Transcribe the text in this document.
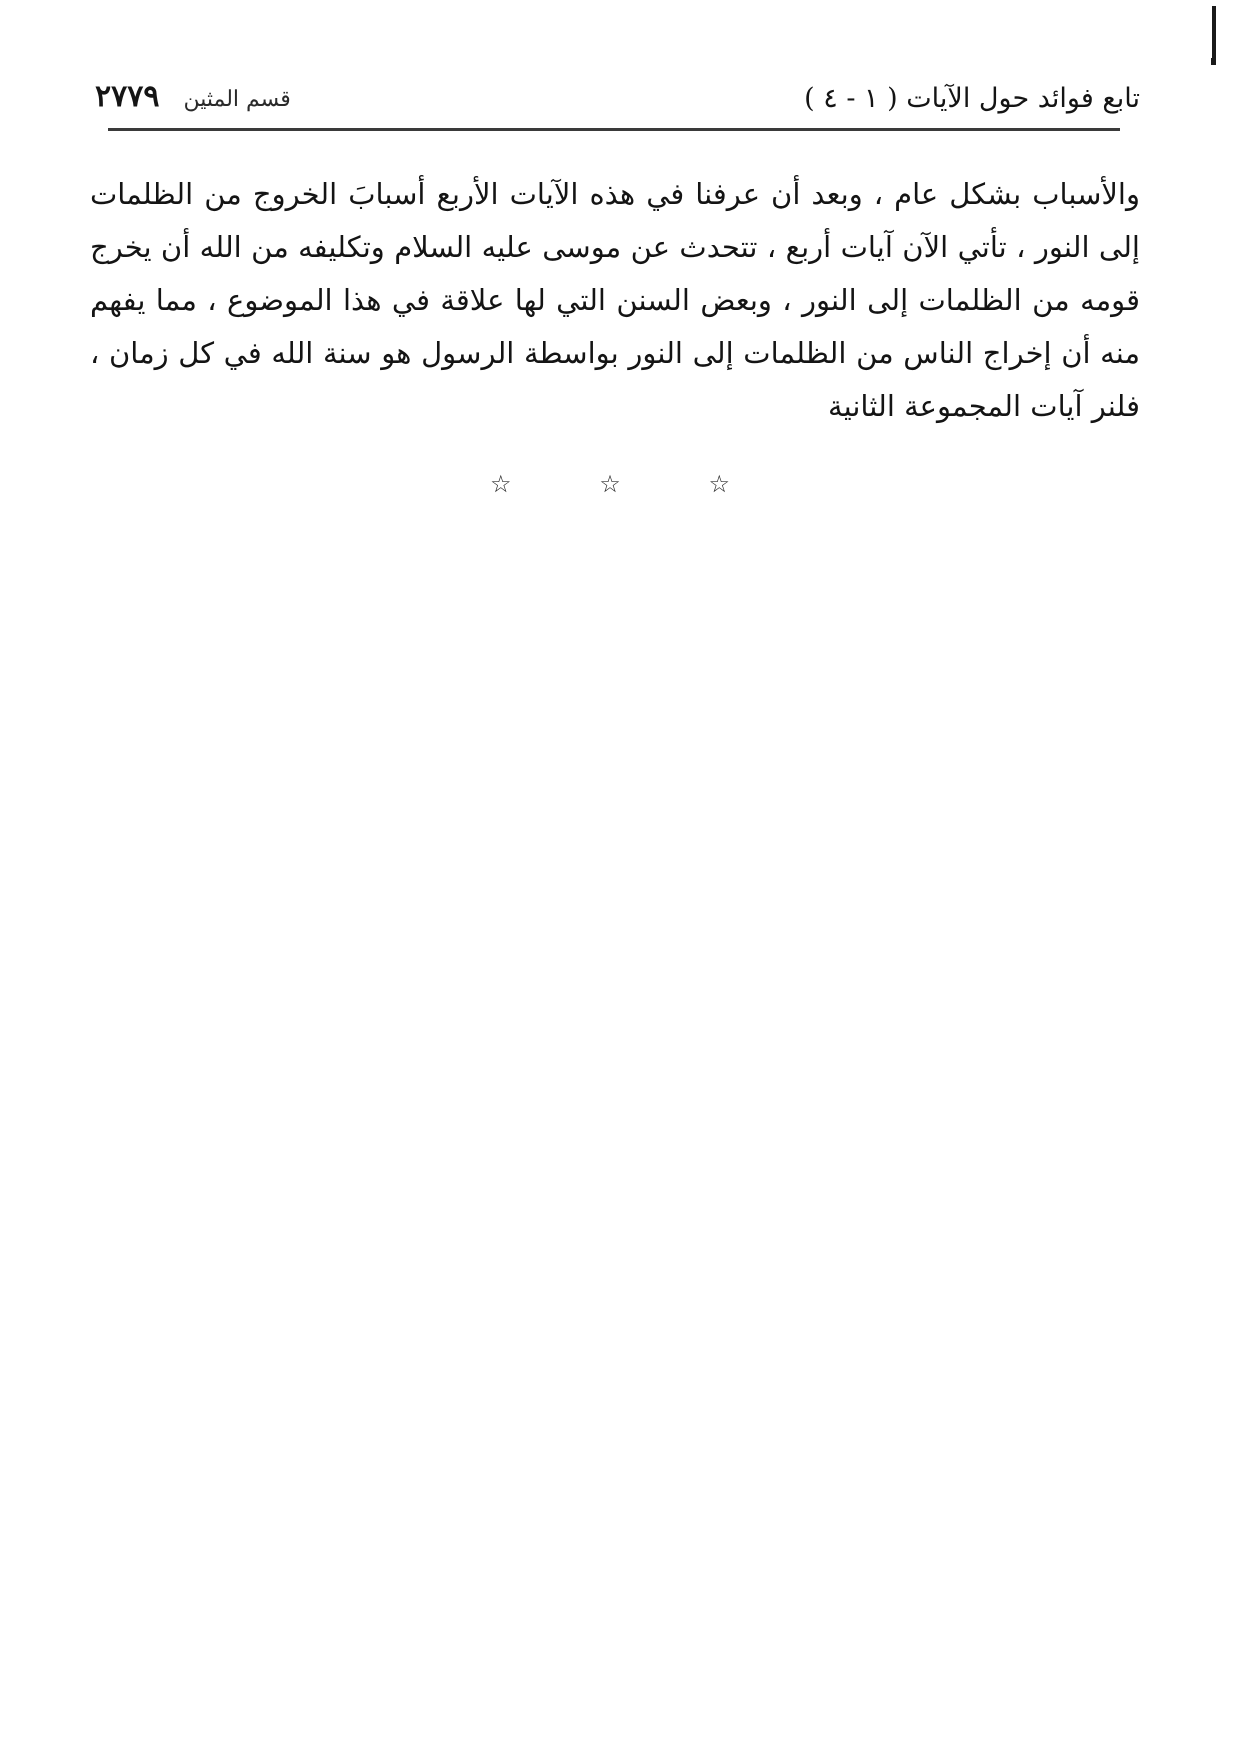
تابع فوائد حول الآيات ( ١ - ٤ )
قسم المثين
٢٧٧٩

والأسباب بشكل عام ، وبعد أن عرفنا في هذه الآيات الأربع أسبابَ الخروج من الظلمات إلى النور ، تأتي الآن آيات أربع ، تتحدث عن موسى عليه السلام وتكليفه من الله أن يخرج قومه من الظلمات إلى النور ، وبعض السنن التي لها علاقة في هذا الموضوع ، مما يفهم منه أن إخراج الناس من الظلمات إلى النور بواسطة الرسول هو سنة الله في كل زمان ، فلنر آيات المجموعة الثانية

☆	☆	☆
